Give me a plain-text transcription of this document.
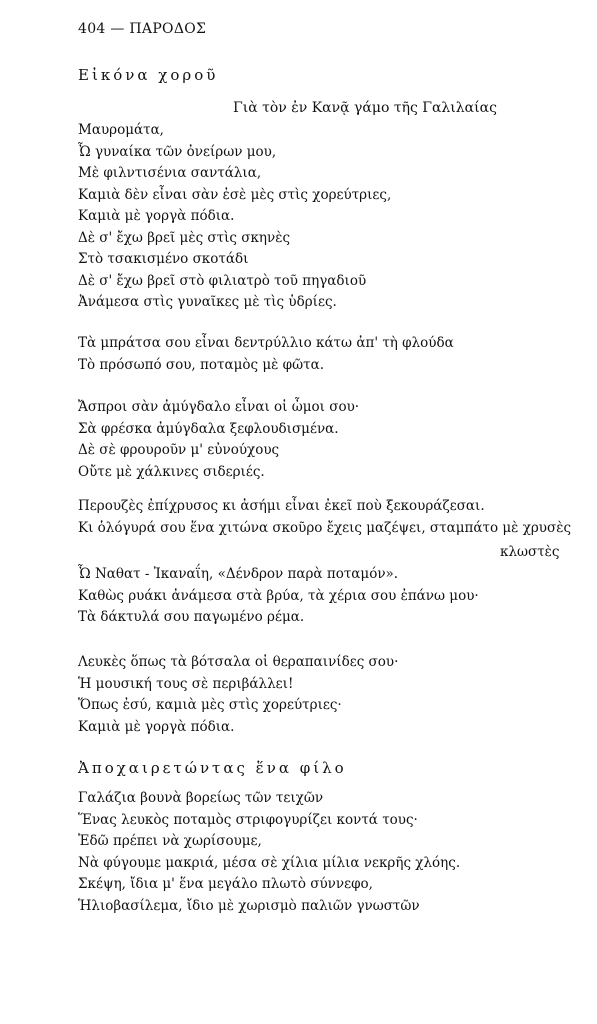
404 — ΠΑΡΟΔΟΣ
Εἰκόνα χοροῦ
Γιὰ τὸν ἐν Κανᾷ γάμο τῆς Γαλιλαίας
Μαυρομάτα,
Ὦ γυναίκα τῶν ὀνείρων μου,
Μὲ φιλντισένια σαντάλια,
Καμιὰ δὲν εἶναι σὰν ἐσὲ μὲς στὶς χορεύτριες,
Καμιὰ μὲ γοργὰ πόδια.
Δὲ σ' ἔχω βρεῖ μὲς στὶς σκηνὲς
Στὸ τσακισμένο σκοτάδι
Δὲ σ' ἔχω βρεῖ στὸ φιλιατρὸ τοῦ πηγαδιοῦ
Ἀνάμεσα στὶς γυναῖκες μὲ τὶς ὑδρίες.
Τὰ μπράτσα σου εἶναι δεντρύλλιο κάτω ἀπ' τὴ φλούδα
Τὸ πρόσωπό σου, ποταμὸς μὲ φῶτα.
Ἄσπροι σὰν ἀμύγδαλο εἶναι οἱ ὦμοι σου·
Σὰ φρέσκα ἀμύγδαλα ξεφλουδισμένα.
Δὲ σὲ φρουροῦν μ' εὐνούχους
Οὔτε μὲ χάλκινες σιδεριές.
Περουζὲς ἐπίχρυσος κι ἀσήμι εἶναι ἐκεῖ ποὺ ξεκουράζεσαι.
Κι ὁλόγυρά σου ἕνα χιτώνα σκοῦρο ἔχεις μαζέψει, σταμπάτο μὲ χρυσὲς
κλωστὲς
Ὦ Ναθατ - Ἰκαναΐη, «Δένδρον παρὰ ποταμόν».
Καθὼς ρυάκι ἀνάμεσα στὰ βρύα, τὰ χέρια σου ἐπάνω μου·
Τὰ δάκτυλά σου παγωμένο ρέμα.
Λευκὲς ὅπως τὰ βότσαλα οἱ θεραπαινίδες σου·
Ἡ μουσική τους σὲ περιβάλλει!
Ὅπως ἐσύ, καμιὰ μὲς στὶς χορεύτριες·
Καμιὰ μὲ γοργὰ πόδια.
Ἀποχαιρετώντας ἕνα φίλο
Γαλάζια βουνὰ βορείως τῶν τειχῶν
Ἕνας λευκὸς ποταμὸς στριφογυρίζει κοντά τους·
Ἐδῶ πρέπει νὰ χωρίσουμε,
Νὰ φύγουμε μακριά, μέσα σὲ χίλια μίλια νεκρῆς χλόης.
Σκέψη, ἴδια μ' ἕνα μεγάλο πλωτὸ σύννεφο,
Ἡλιοβασίλεμα, ἴδιο μὲ χωρισμὸ παλιῶν γνωστῶν
